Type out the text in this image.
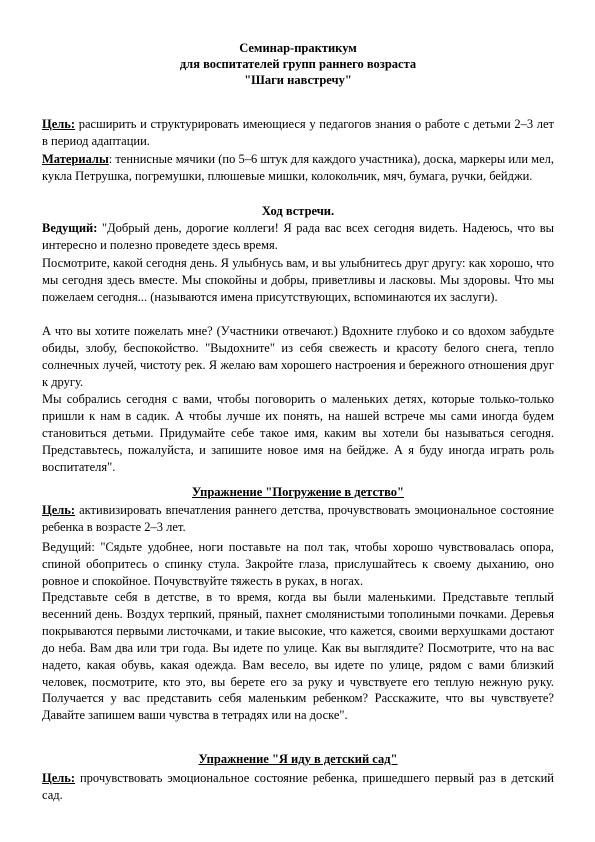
Семинар-практикум
для воспитателей групп раннего возраста
"Шаги навстречу"

Цель: расширить и структурировать имеющиеся у педагогов знания о работе с детьми 2–3 лет в период адаптации.

Материалы: теннисные мячики (по 5–6 штук для каждого участника), доска, маркеры или мел, кукла Петрушка, погремушки, плюшевые мишки, колокольчик, мяч, бумага, ручки, бейджи.

Ход встречи.

Ведущий: "Добрый день, дорогие коллеги! Я рада вас всех сегодня видеть. Надеюсь, что вы интересно и полезно проведете здесь время.

Посмотрите, какой сегодня день. Я улыбнусь вам, и вы улыбнитесь друг другу: как хорошо, что мы сегодня здесь вместе. Мы спокойны и добры, приветливы и ласковы. Мы здоровы. Что мы пожелаем сегодня... (называются имена присутствующих, вспоминаются их заслуги).

А что вы хотите пожелать мне? (Участники отвечают.) Вдохните глубоко и со вдохом забудьте обиды, злобу, беспокойство. "Выдохните" из себя свежесть и красоту белого снега, тепло солнечных лучей, чистоту рек. Я желаю вам хорошего настроения и бережного отношения друг к другу.

Мы собрались сегодня с вами, чтобы поговорить о маленьких детях, которые только-только пришли к нам в садик. А чтобы лучше их понять, на нашей встрече мы сами иногда будем становиться детьми. Придумайте себе такое имя, каким вы хотели бы называться сегодня. Представьтесь, пожалуйста, и запишите новое имя на бейдже. А я буду иногда играть роль воспитателя".

Упражнение "Погружение в детство"

Цель: активизировать впечатления раннего детства, прочувствовать эмоциональное состояние ребенка в возрасте 2–3 лет.

Ведущий: "Сядьте удобнее, ноги поставьте на пол так, чтобы хорошо чувствовалась опора, спиной обопритесь о спинку стула. Закройте глаза, прислушайтесь к своему дыханию, оно ровное и спокойное. Почувствуйте тяжесть в руках, в ногах.

Представьте себя в детстве, в то время, когда вы были маленькими. Представьте теплый весенний день. Воздух терпкий, пряный, пахнет смолянистыми тополиными почками. Деревья покрываются первыми листочками, и такие высокие, что кажется, своими верхушками достают до неба. Вам два или три года. Вы идете по улице. Как вы выглядите? Посмотрите, что на вас надето, какая обувь, какая одежда. Вам весело, вы идете по улице, рядом с вами близкий человек, посмотрите, кто это, вы берете его за руку и чувствуете его теплую нежную руку. Получается у вас представить себя маленьким ребенком? Расскажите, что вы чувствуете? Давайте запишем ваши чувства в тетрадях или на доске".

Упражнение "Я иду в детский сад"

Цель: прочувствовать эмоциональное состояние ребенка, пришедшего первый раз в детский сад.
